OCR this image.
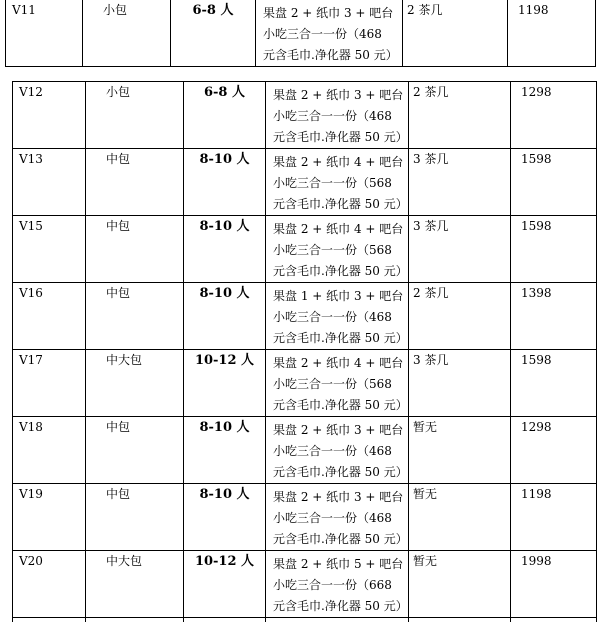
V11	小包	6-8 人	果盘 2 + 纸巾 3 + 吧台
小吃三合一一份（468
元含毛巾.净化器 50 元）
	2 茶几	1198
V12	小包	6-8 人	果盘 2 + 纸巾 3 + 吧台
小吃三合一一份（468
元含毛巾.净化器 50 元）	2 茶几	1298
V13	中包	8-10 人	果盘 2 + 纸巾 4 + 吧台
小吃三合一一份（568
元含毛巾.净化器 50 元）	3 茶几	1598
V15	中包	8-10 人	果盘 2 + 纸巾 4 + 吧台
小吃三合一一份（568
元含毛巾.净化器 50 元）	3 茶几	1598
V16	中包	8-10 人	果盘 1 + 纸巾 3 + 吧台
小吃三合一一份（468
元含毛巾.净化器 50 元）	2 茶几	1398
V17	中大包	10-12 人	果盘 2 + 纸巾 4 + 吧台
小吃三合一一份（568
元含毛巾.净化器 50 元）	3 茶几	1598
V18	中包	8-10 人	果盘 2 + 纸巾 3 + 吧台
小吃三合一一份（468
元含毛巾.净化器 50 元）	暂无	1298
V19	中包	8-10 人	果盘 2 + 纸巾 3 + 吧台
小吃三合一一份（468
元含毛巾.净化器 50 元）	暂无	1198
V20	中大包	10-12 人	果盘 2 + 纸巾 5 + 吧台
小吃三合一一份（668
元含毛巾.净化器 50 元）	暂无	1998
